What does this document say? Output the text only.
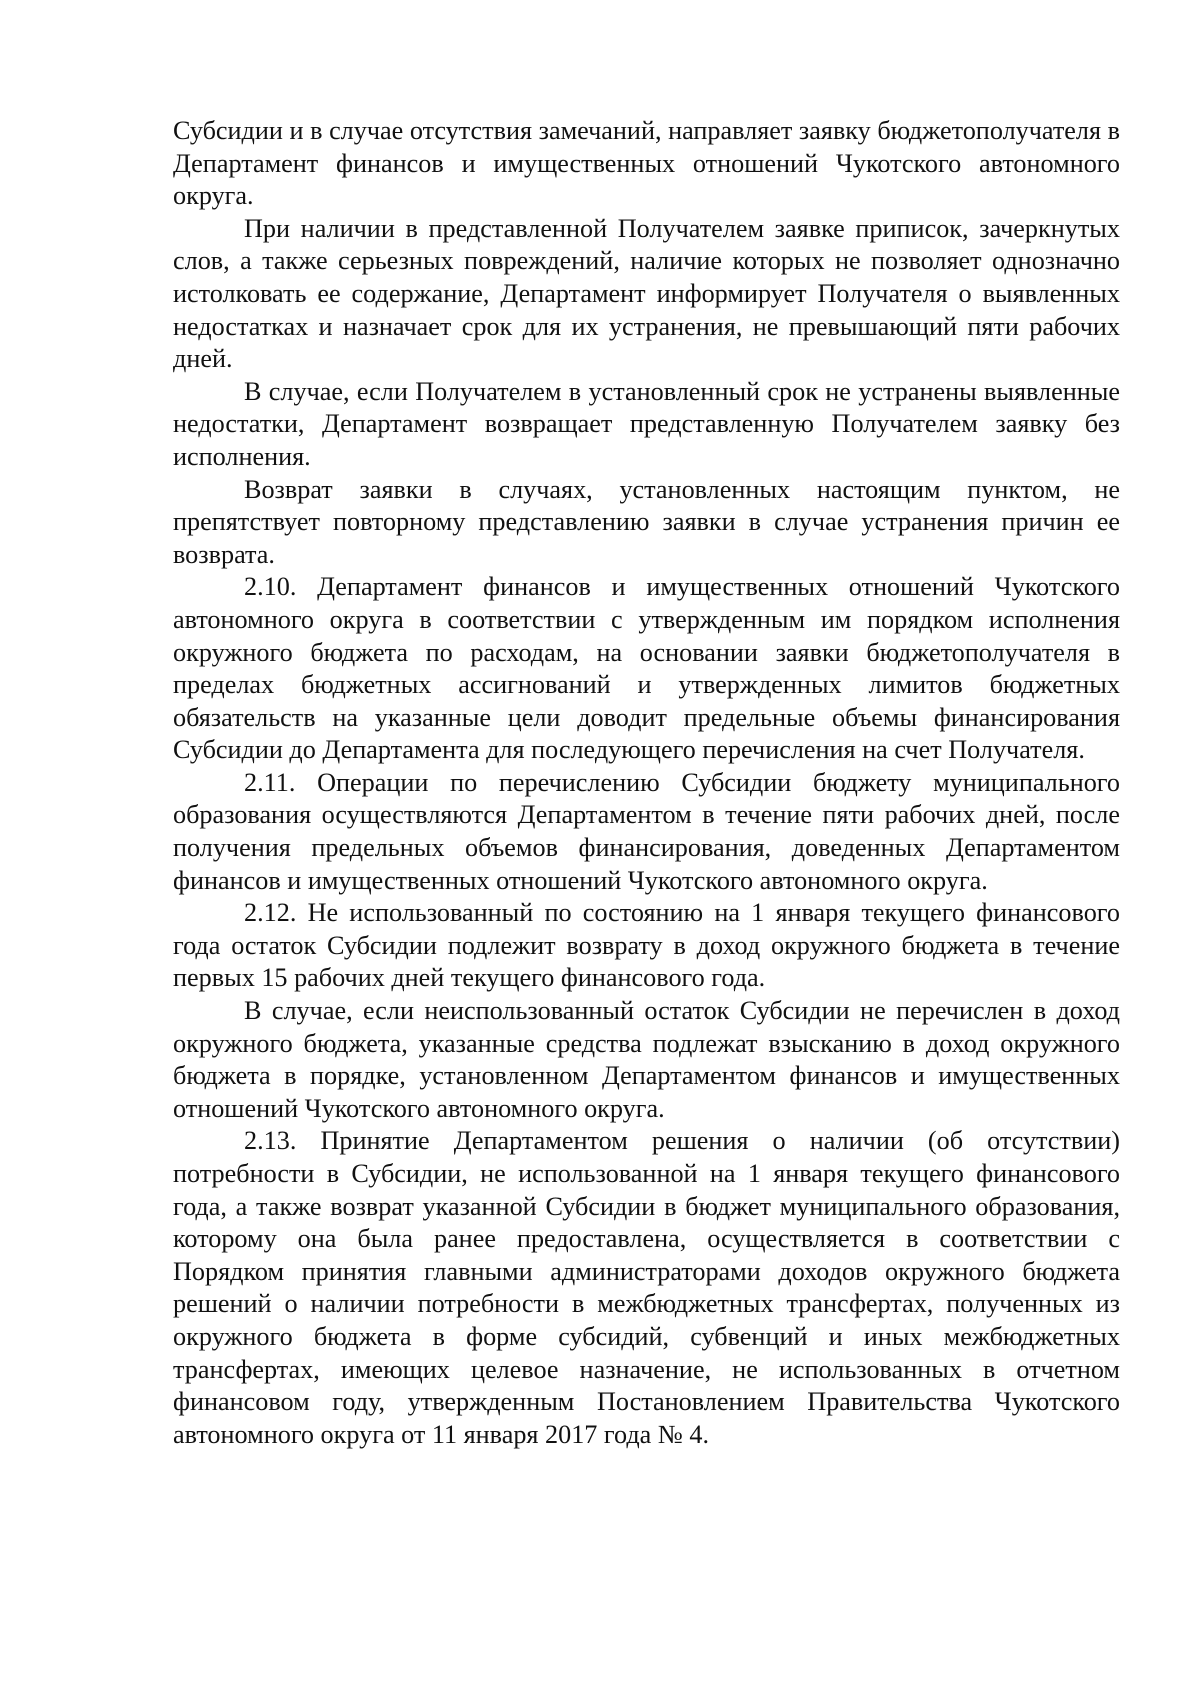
Субсидии и в случае отсутствия замечаний, направляет заявку бюджетополучателя в Департамент финансов и имущественных отношений Чукотского автономного округа.

При наличии в представленной Получателем заявке приписок, зачеркнутых слов, а также серьезных повреждений, наличие которых не позволяет однозначно истолковать ее содержание, Департамент информирует Получателя о выявленных недостатках и назначает срок для их устранения, не превышающий пяти рабочих дней.

В случае, если Получателем в установленный срок не устранены выявленные недостатки, Департамент возвращает представленную Получателем заявку без исполнения.

Возврат заявки в случаях, установленных настоящим пунктом, не препятствует повторному представлению заявки в случае устранения причин ее возврата.

2.10. Департамент финансов и имущественных отношений Чукотского автономного округа в соответствии с утвержденным им порядком исполнения окружного бюджета по расходам, на основании заявки бюджетополучателя в пределах бюджетных ассигнований и утвержденных лимитов бюджетных обязательств на указанные цели доводит предельные объемы финансирования Субсидии до Департамента для последующего перечисления на счет Получателя.

2.11. Операции по перечислению Субсидии бюджету муниципального образования осуществляются Департаментом в течение пяти рабочих дней, после получения предельных объемов финансирования, доведенных Департаментом финансов и имущественных отношений Чукотского автономного округа.

2.12. Не использованный по состоянию на 1 января текущего финансового года остаток Субсидии подлежит возврату в доход окружного бюджета в течение первых 15 рабочих дней текущего финансового года.

В случае, если неиспользованный остаток Субсидии не перечислен в доход окружного бюджета, указанные средства подлежат взысканию в доход окружного бюджета в порядке, установленном Департаментом финансов и имущественных отношений Чукотского автономного округа.

2.13. Принятие Департаментом решения о наличии (об отсутствии) потребности в Субсидии, не использованной на 1 января текущего финансового года, а также возврат указанной Субсидии в бюджет муниципального образования, которому она была ранее предоставлена, осуществляется в соответствии с Порядком принятия главными администраторами доходов окружного бюджета решений о наличии потребности в межбюджетных трансфертах, полученных из окружного бюджета в форме субсидий, субвенций и иных межбюджетных трансфертах, имеющих целевое назначение, не использованных в отчетном финансовом году, утвержденным Постановлением Правительства Чукотского автономного округа от 11 января 2017 года № 4.
